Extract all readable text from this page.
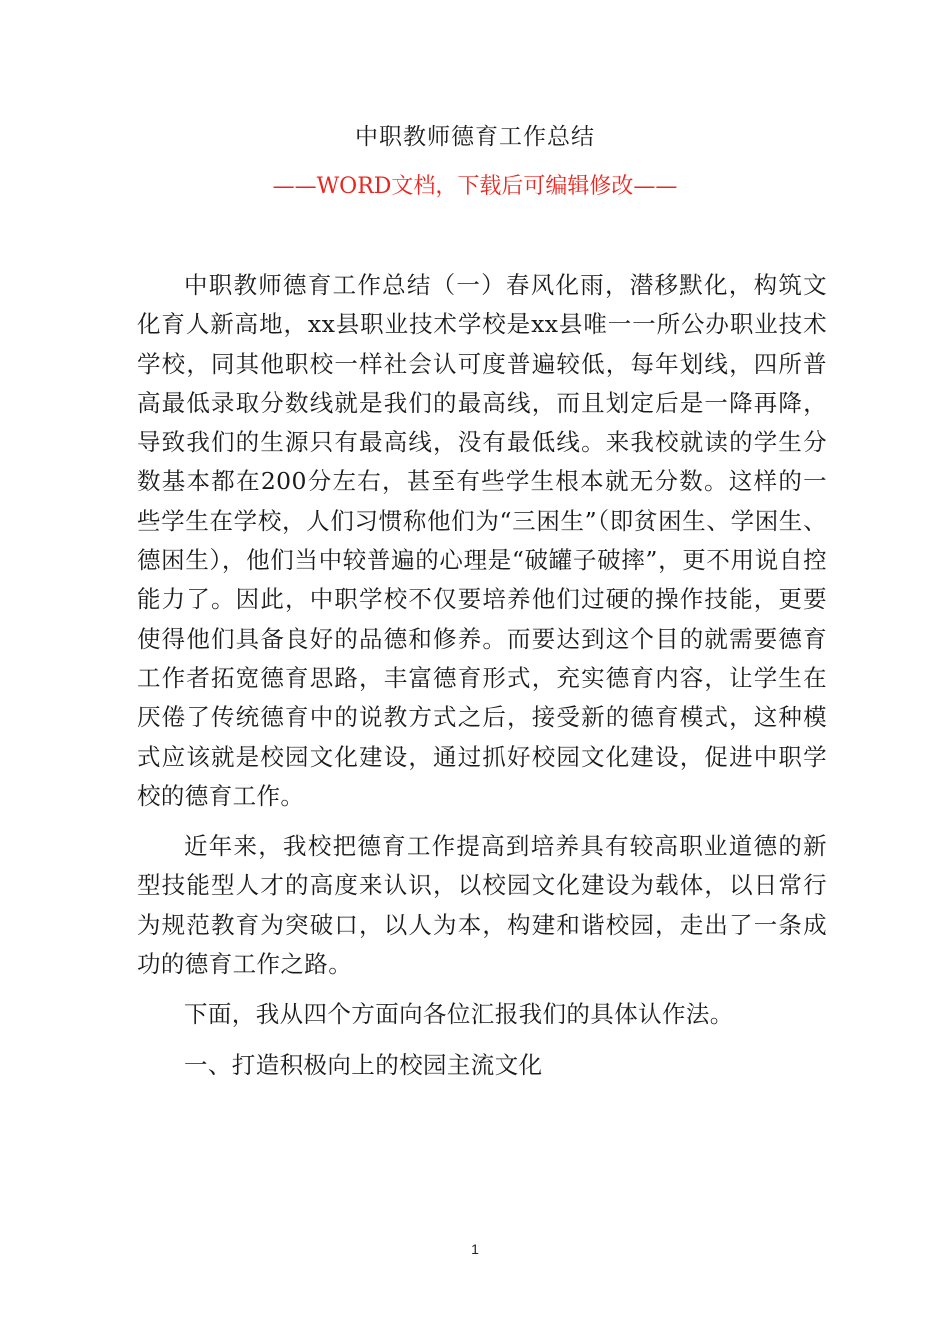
中职教师德育工作总结
——WORD文档，下载后可编辑修改——

中职教师德育工作总结（一）春风化雨，潜移默化，构筑文化育人新高地，xx县职业技术学校是xx县唯一一所公办职业技术学校，同其他职校一样社会认可度普遍较低，每年划线，四所普高最低录取分数线就是我们的最高线，而且划定后是一降再降，导致我们的生源只有最高线，没有最低线。来我校就读的学生分数基本都在200分左右，甚至有些学生根本就无分数。这样的一些学生在学校，人们习惯称他们为“三困生”（即贫困生、学困生、德困生），他们当中较普遍的心理是“破罐子破摔”，更不用说自控能力了。因此，中职学校不仅要培养他们过硬的操作技能，更要使得他们具备良好的品德和修养。而要达到这个目的就需要德育工作者拓宽德育思路，丰富德育形式，充实德育内容，让学生在厌倦了传统德育中的说教方式之后，接受新的德育模式，这种模式应该就是校园文化建设，通过抓好校园文化建设，促进中职学校的德育工作。

近年来，我校把德育工作提高到培养具有较高职业道德的新型技能型人才的高度来认识，以校园文化建设为载体，以日常行为规范教育为突破口，以人为本，构建和谐校园，走出了一条成功的德育工作之路。

下面，我从四个方面向各位汇报我们的具体认作法。

一、打造积极向上的校园主流文化

1
